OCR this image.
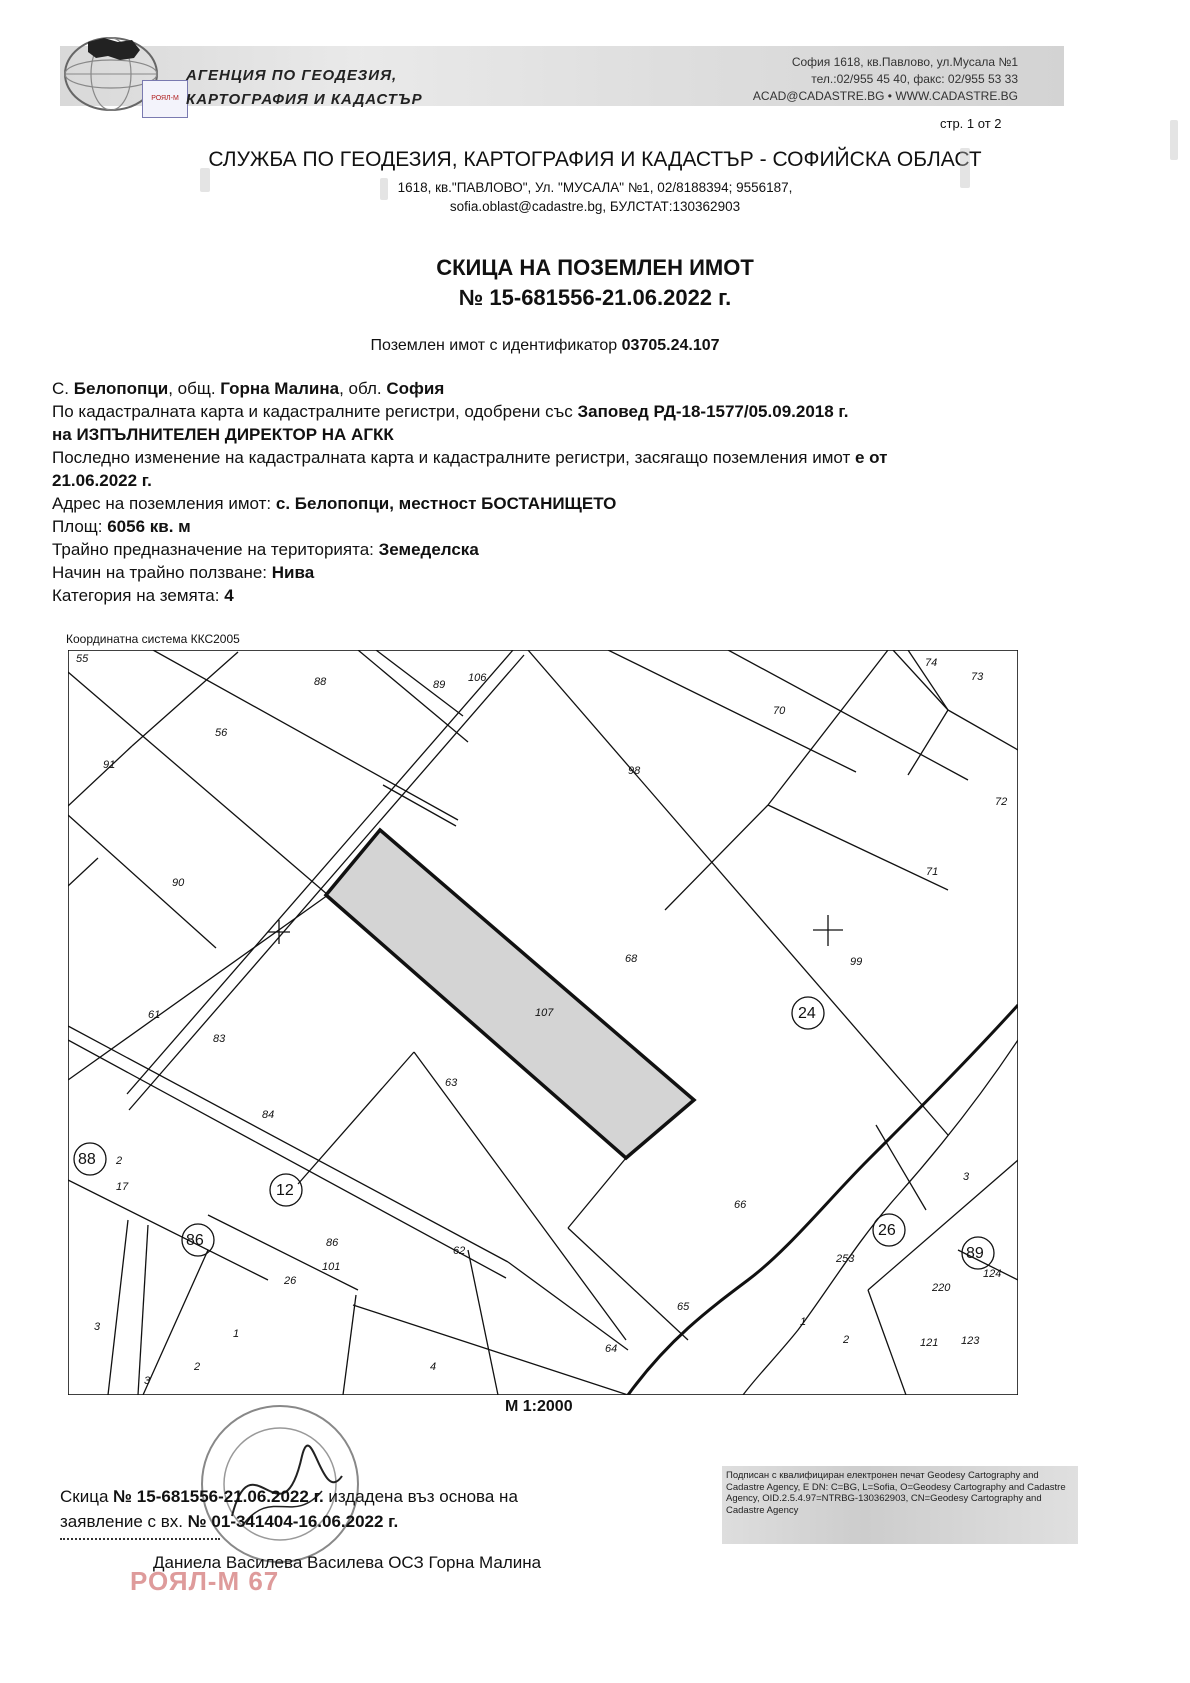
РОЯЛ-М
АГЕНЦИЯ ПО ГЕОДЕЗИЯ,
КАРТОГРАФИЯ И КАДАСТЪР
София 1618, кв.Павлово, ул.Мусала №1
тел.:02/955 45 40, факс: 02/955 53 33
ACAD@CADASTRE.BG • WWW.CADASTRE.BG
стр. 1 от 2
СЛУЖБА ПО ГЕОДЕЗИЯ, КАРТОГРАФИЯ И КАДАСТЪР - СОФИЙСКА ОБЛАСТ
1618, кв."ПАВЛОВО", Ул. "МУСАЛА" №1, 02/8188394; 9556187,
sofia.oblast@cadastre.bg, БУЛСТАТ:130362903
СКИЦА НА ПОЗЕМЛЕН ИМОТ
№ 15-681556-21.06.2022 г.
Поземлен имот с идентификатор 03705.24.107
С. Белопопци, общ. Горна Малина, обл. София
По кадастралната карта и кадастралните регистри, одобрени със Заповед РД-18-1577/05.09.2018 г.
на ИЗПЪЛНИТЕЛЕН ДИРЕКТОР НА АГКК
Последно изменение на кадастралната карта и кадастралните регистри, засягащо поземления имот е от
21.06.2022 г.
Адрес на поземления имот: с. Белопопци, местност БОСТАНИЩЕТО
Площ: 6056 кв. м
Трайно предназначение на територията: Земеделска
Начин на трайно ползване: Нива
Категория на земята: 4
Координатна система ККС2005
55
88	89
106
74
73
56
70
91	98
72
90
71
68	99
107
61
83
63
24
84
3
66
17
88 2
12
86
62
253
101
26
26
220
124
89
65
3
86
1
1
2	121 123
64
2
3
4
М 1:2000
Скица № 15-681556-21.06.2022 г. издадена въз основа на
заявление с вх. № 01-341404-16.06.2022 г.
Даниела Василева Василева ОСЗ Горна Малина
РОЯЛ-М 67
Подписан с квалифициран електронен печат Geodesy Cartography and Cadastre Agency, E DN: C=BG, L=Sofia, O=Geodesy Cartography and Cadastre Agency, OID.2.5.4.97=NTRBG-130362903, CN=Geodesy Cartography and Cadastre Agency
